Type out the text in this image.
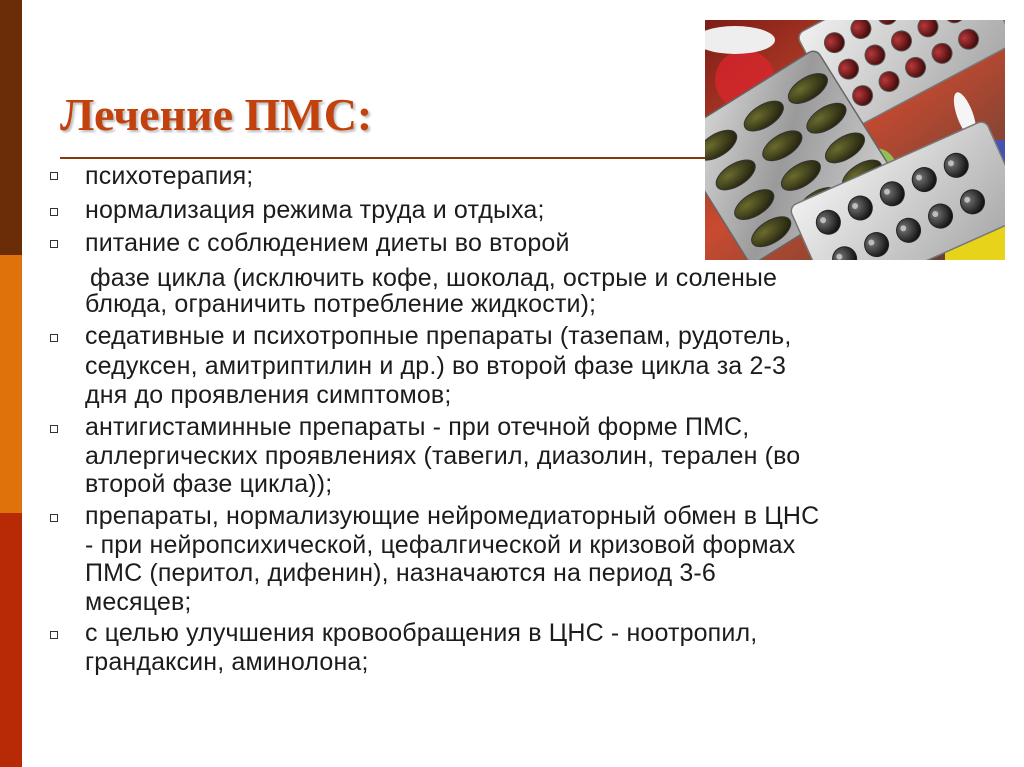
Лечение ПМС:

психотерапия;

нормализация режима труда и отдыха;

питание с соблюдением диеты во второй

фазе цикла (исключить кофе, шоколад, острые и соленые

блюда, ограничить потребление жидкости);

седативные и психотропные препараты (тазепам, рудотель,

седуксен, амитриптилин и др.) во второй фазе цикла за 2-3

дня до проявления симптомов;

антигистаминные препараты - при отечной форме ПМС,

аллергических проявлениях (тавегил, диазолин, терален (во

второй фазе цикла));

препараты, нормализующие нейромедиаторный обмен в ЦНС

- при нейропсихической, цефалгической и кризовой формах

ПМС (перитол, дифенин), назначаются на период 3-6

месяцев;

с целью улучшения кровообращения в ЦНС - ноотропил,

грандаксин, аминолона;
